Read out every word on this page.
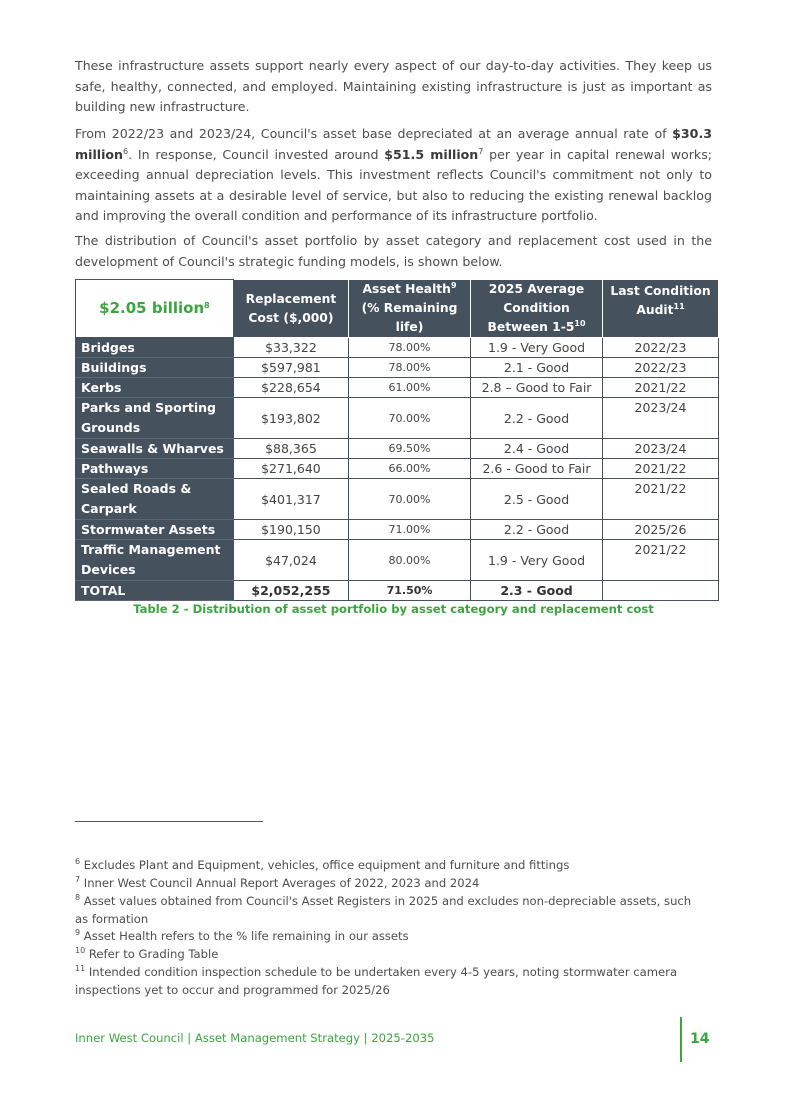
These infrastructure assets support nearly every aspect of our day-to-day activities. They keep us safe, healthy, connected, and employed. Maintaining existing infrastructure is just as important as building new infrastructure.

From 2022/23 and 2023/24, Council's asset base depreciated at an average annual rate of $30.3 million$^6$. In response, Council invested around $51.5 million$^7$ per year in capital renewal works; exceeding annual depreciation levels. This investment reflects Council's commitment not only to maintaining assets at a desirable level of service, but also to reducing the existing renewal backlog and improving the overall condition and performance of its infrastructure portfolio.

The distribution of Council's asset portfolio by asset category and replacement cost used in the development of Council's strategic funding models, is shown below.

$2.05 billion$^8$	Replacement Cost ($,000)	Asset Health$^9$ (% Remaining life)	2025 Average Condition Between $1-5^{10}$	Last Condition Audit$^{11}$
Bridges	$33,322	78.00%	1.9 - Very Good	2022/23
Buildings	$597,981	78.00%	2.1 - Good	2022/23
Kerbs	$228,654	61.00%	2.8 – Good to Fair	2021/22
Parks and Sporting Grounds	$193,802	70.00%	2.2 - Good	2023/24
Seawalls & Wharves	$88,365	69.50%	2.4 - Good	2023/24
Pathways	$271,640	66.00%	2.6 - Good to Fair	2021/22
Sealed Roads & Carpark	$401,317	70.00%	2.5 - Good	2021/22
Stormwater Assets	$190,150	71.00%	2.2 - Good	2025/26
Traffic Management Devices	$47,024	80.00%	1.9 - Very Good	2021/22
TOTAL	$2,052,255	71.50%	2.3 - Good	
Table 2 - Distribution of asset portfolio by asset category and replacement cost

$^6$ Excludes Plant and Equipment, vehicles, office equipment and furniture and fittings

$^7$ Inner West Council Annual Report Averages of 2022, 2023 and 2024

$^8$ Asset values obtained from Council's Asset Registers in 2025 and excludes non-depreciable assets, such as formation

$^9$ Asset Health refers to the % life remaining in our assets

$^{10}$ Refer to Grading Table

$^{11}$ Intended condition inspection schedule to be undertaken every 4-5 years, noting stormwater camera inspections yet to occur and programmed for 2025/26

Inner West Council | Asset Management Strategy | 2025-2035	14
